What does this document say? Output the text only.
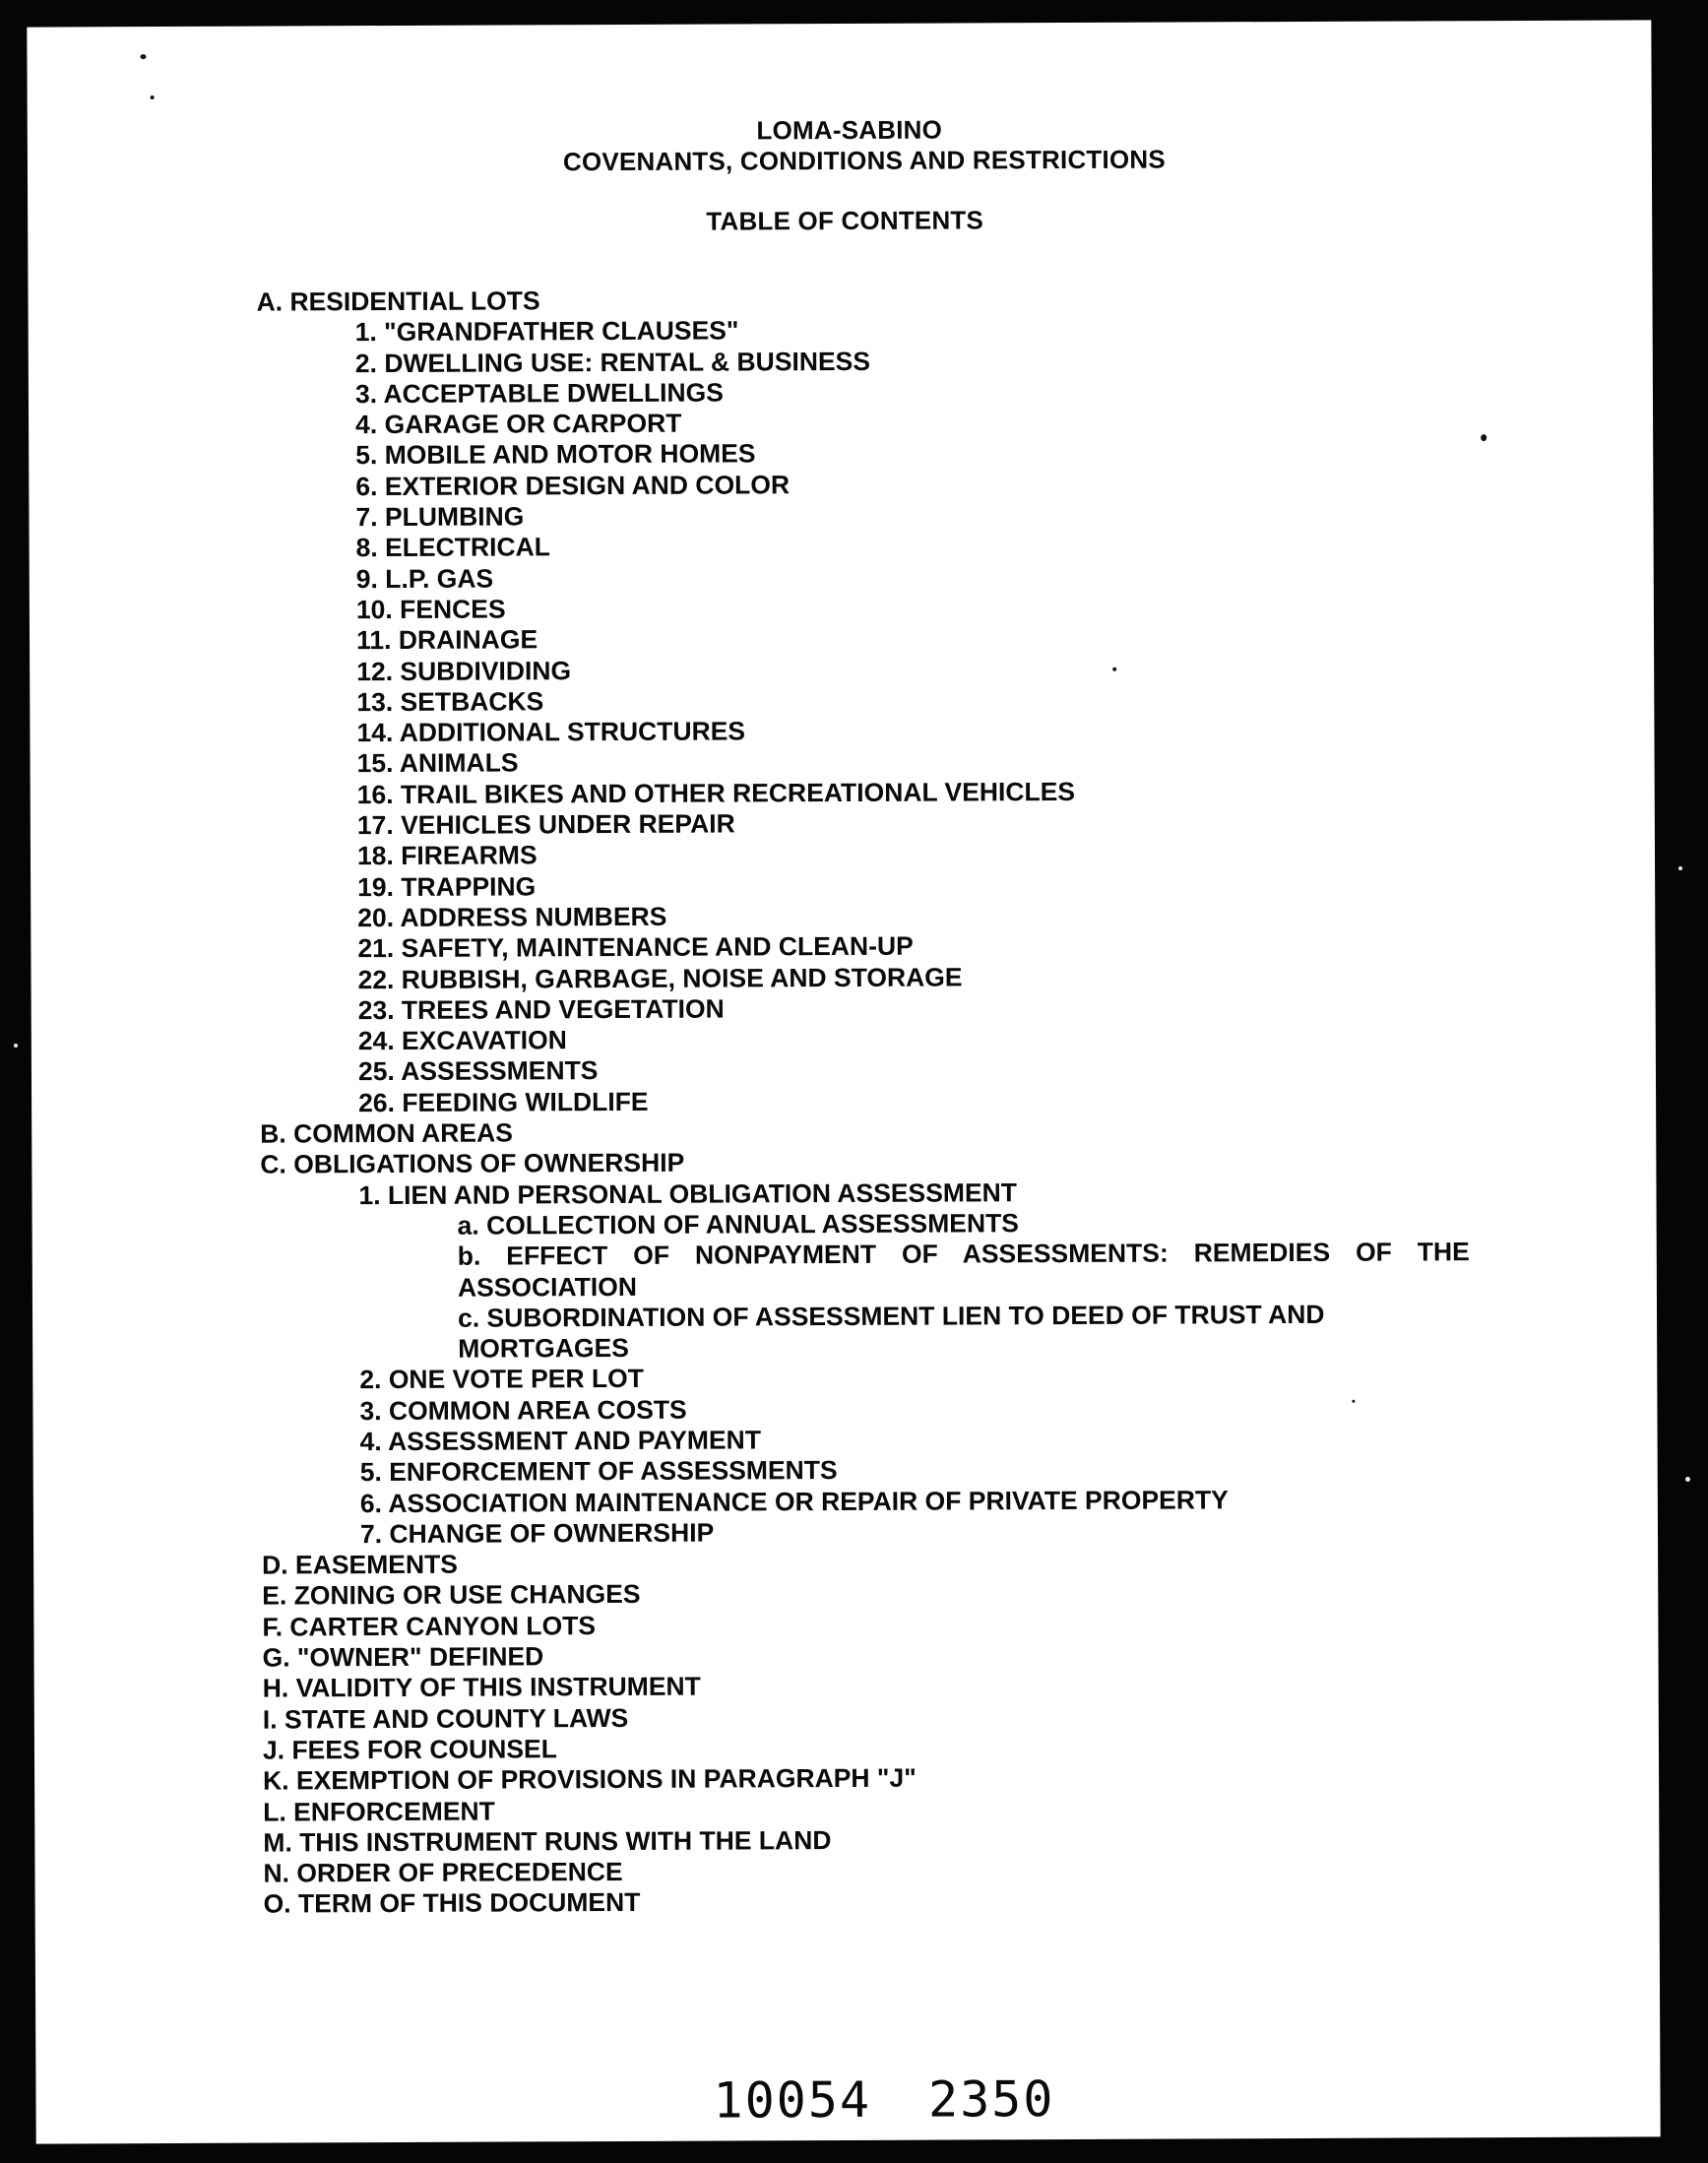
LOMA-SABINO
COVENANTS, CONDITIONS AND RESTRICTIONS
TABLE OF CONTENTS
A. RESIDENTIAL LOTS
1. "GRANDFATHER CLAUSES"
2. DWELLING USE: RENTAL & BUSINESS
3. ACCEPTABLE DWELLINGS
4. GARAGE OR CARPORT
5. MOBILE AND MOTOR HOMES
6. EXTERIOR DESIGN AND COLOR
7. PLUMBING
8. ELECTRICAL
9. L.P. GAS
10. FENCES
11. DRAINAGE
12. SUBDIVIDING
13. SETBACKS
14. ADDITIONAL STRUCTURES
15. ANIMALS
16. TRAIL BIKES AND OTHER RECREATIONAL VEHICLES
17. VEHICLES UNDER REPAIR
18. FIREARMS
19. TRAPPING
20. ADDRESS NUMBERS
21. SAFETY, MAINTENANCE AND CLEAN-UP
22. RUBBISH, GARBAGE, NOISE AND STORAGE
23. TREES AND VEGETATION
24. EXCAVATION
25. ASSESSMENTS
26. FEEDING WILDLIFE
B. COMMON AREAS
C. OBLIGATIONS OF OWNERSHIP
1. LIEN AND PERSONAL OBLIGATION ASSESSMENT
a. COLLECTION OF ANNUAL ASSESSMENTS
b. EFFECT OF NONPAYMENT OF ASSESSMENTS: REMEDIES OF THE
ASSOCIATION
c. SUBORDINATION OF ASSESSMENT LIEN TO DEED OF TRUST AND
MORTGAGES
2. ONE VOTE PER LOT
3. COMMON AREA COSTS
4. ASSESSMENT AND PAYMENT
5. ENFORCEMENT OF ASSESSMENTS
6. ASSOCIATION MAINTENANCE OR REPAIR OF PRIVATE PROPERTY
7. CHANGE OF OWNERSHIP
D. EASEMENTS
E. ZONING OR USE CHANGES
F. CARTER CANYON LOTS
G. "OWNER" DEFINED
H. VALIDITY OF THIS INSTRUMENT
I. STATE AND COUNTY LAWS
J. FEES FOR COUNSEL
K. EXEMPTION OF PROVISIONS IN PARAGRAPH "J"
L. ENFORCEMENT
M. THIS INSTRUMENT RUNS WITH THE LAND
N. ORDER OF PRECEDENCE
O. TERM OF THIS DOCUMENT
10054 2350
